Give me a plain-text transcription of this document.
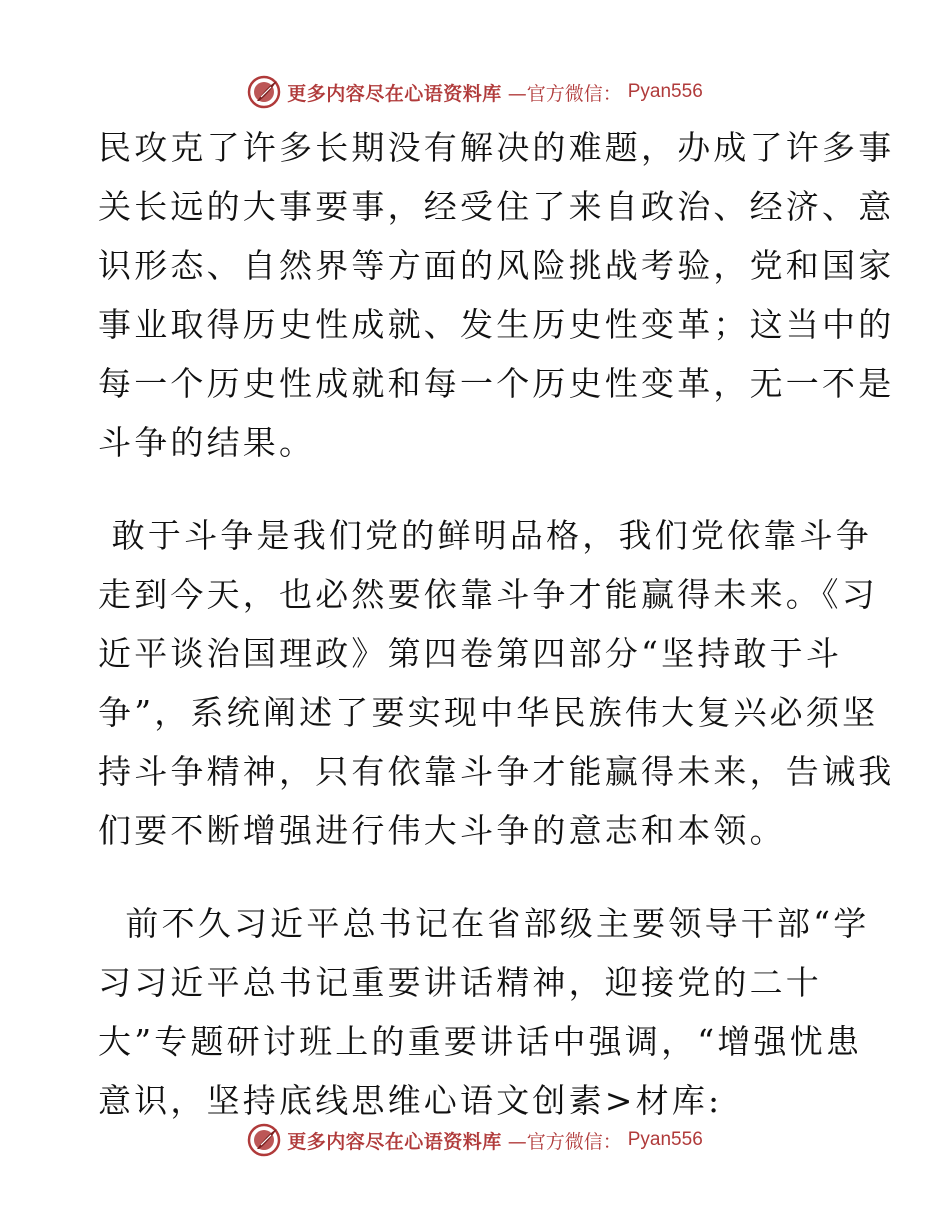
更多内容尽在心语资料库 —官方微信： Pyan556

民攻克了许多长期没有解决的难题，办成了许多事
关长远的大事要事，经受住了来自政治、经济、意
识形态、自然界等方面的风险挑战考验，党和国家
事业取得历史性成就、发生历史性变革；这当中的
每一个历史性成就和每一个历史性变革，无一不是
斗争的结果。

敢于斗争是我们党的鲜明品格，我们党依靠斗争
走到今天，也必然要依靠斗争才能赢得未来。《习
近平谈治国理政》第四卷第四部分“坚持敢于斗
争”，系统阐述了要实现中华民族伟大复兴必须坚
持斗争精神，只有依靠斗争才能赢得未来，告诫我
们要不断增强进行伟大斗争的意志和本领。

前不久习近平总书记在省部级主要领导干部“学
习习近平总书记重要讲话精神，迎接党的二十
大”专题研讨班上的重要讲话中强调，“增强忧患
意识，坚持底线思维心语文创素>材库:

更多内容尽在心语资料库 —官方微信： Pyan556
